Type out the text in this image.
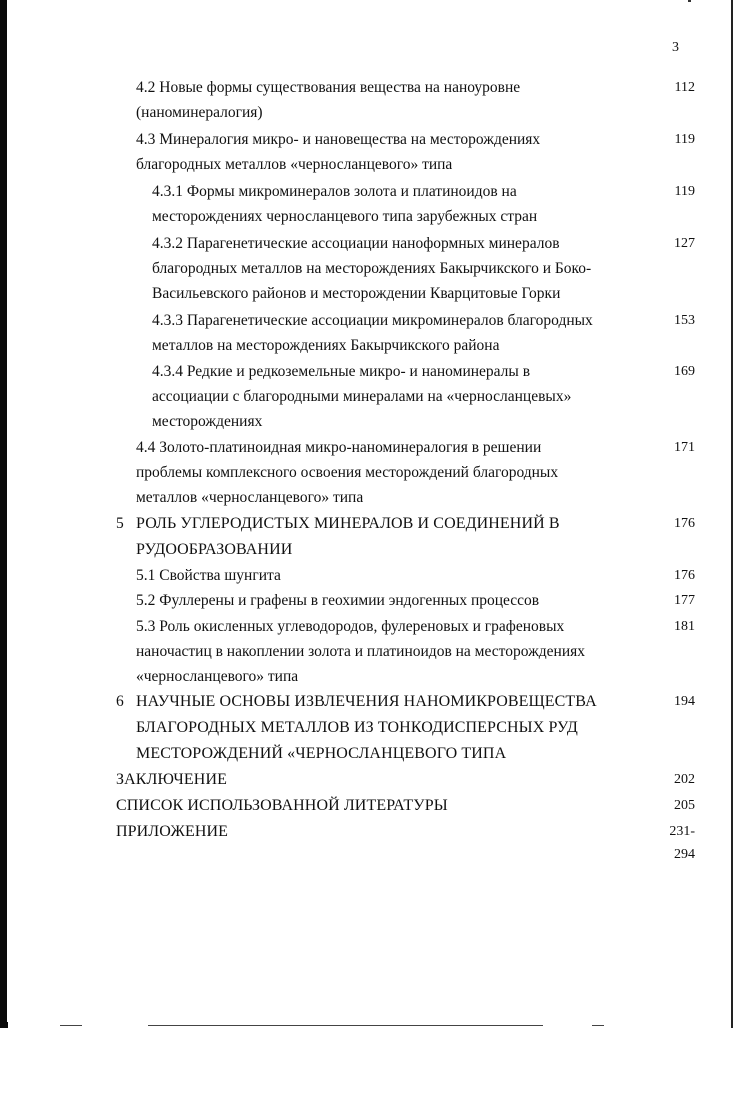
3
4.2 Новые формы существования вещества на наноуровне
(наноминералогия)
112
4.3 Минералогия микро- и нановещества на месторождениях
благородных металлов «черносланцевого» типа
119
4.3.1 Формы микроминералов золота и платиноидов на
месторождениях черносланцевого типа зарубежных стран
119
4.3.2 Парагенетические ассоциации наноформных минералов
благородных металлов на месторождениях Бакырчикского и Боко-
Васильевского районов и месторождении Кварцитовые Горки
127
4.3.3 Парагенетические ассоциации микроминералов благородных
металлов на месторождениях Бакырчикского района
153
4.3.4 Редкие и редкоземельные микро- и наноминералы в
ассоциации с благородными минералами на «черносланцевых»
месторождениях
169
4.4 Золото-платиноидная микро-наноминералогия в решении
проблемы комплексного освоения месторождений благородных
металлов «черносланцевого» типа
171
5 РОЛЬ УГЛЕРОДИСТЫХ МИНЕРАЛОВ И СОЕДИНЕНИЙ В
РУДООБРАЗОВАНИИ
176
5.1 Свойства шунгита	176
5.2 Фуллерены и графены в геохимии эндогенных процессов	177
5.3 Роль окисленных углеводородов, фулереновых и графеновых
наночастиц в накоплении золота и платиноидов на месторождениях
«черносланцевого» типа
181
6 НАУЧНЫЕ ОСНОВЫ ИЗВЛЕЧЕНИЯ НАНОМИКРОВЕЩЕСТВА
БЛАГОРОДНЫХ МЕТАЛЛОВ ИЗ ТОНКОДИСПЕРСНЫХ РУД
МЕСТОРОЖДЕНИЙ «ЧЕРНОСЛАНЦЕВОГО ТИПА
194
ЗАКЛЮЧЕНИЕ	202
СПИСОК ИСПОЛЬЗОВАННОЙ ЛИТЕРАТУРЫ	205
ПРИЛОЖЕНИЕ	231-
294
